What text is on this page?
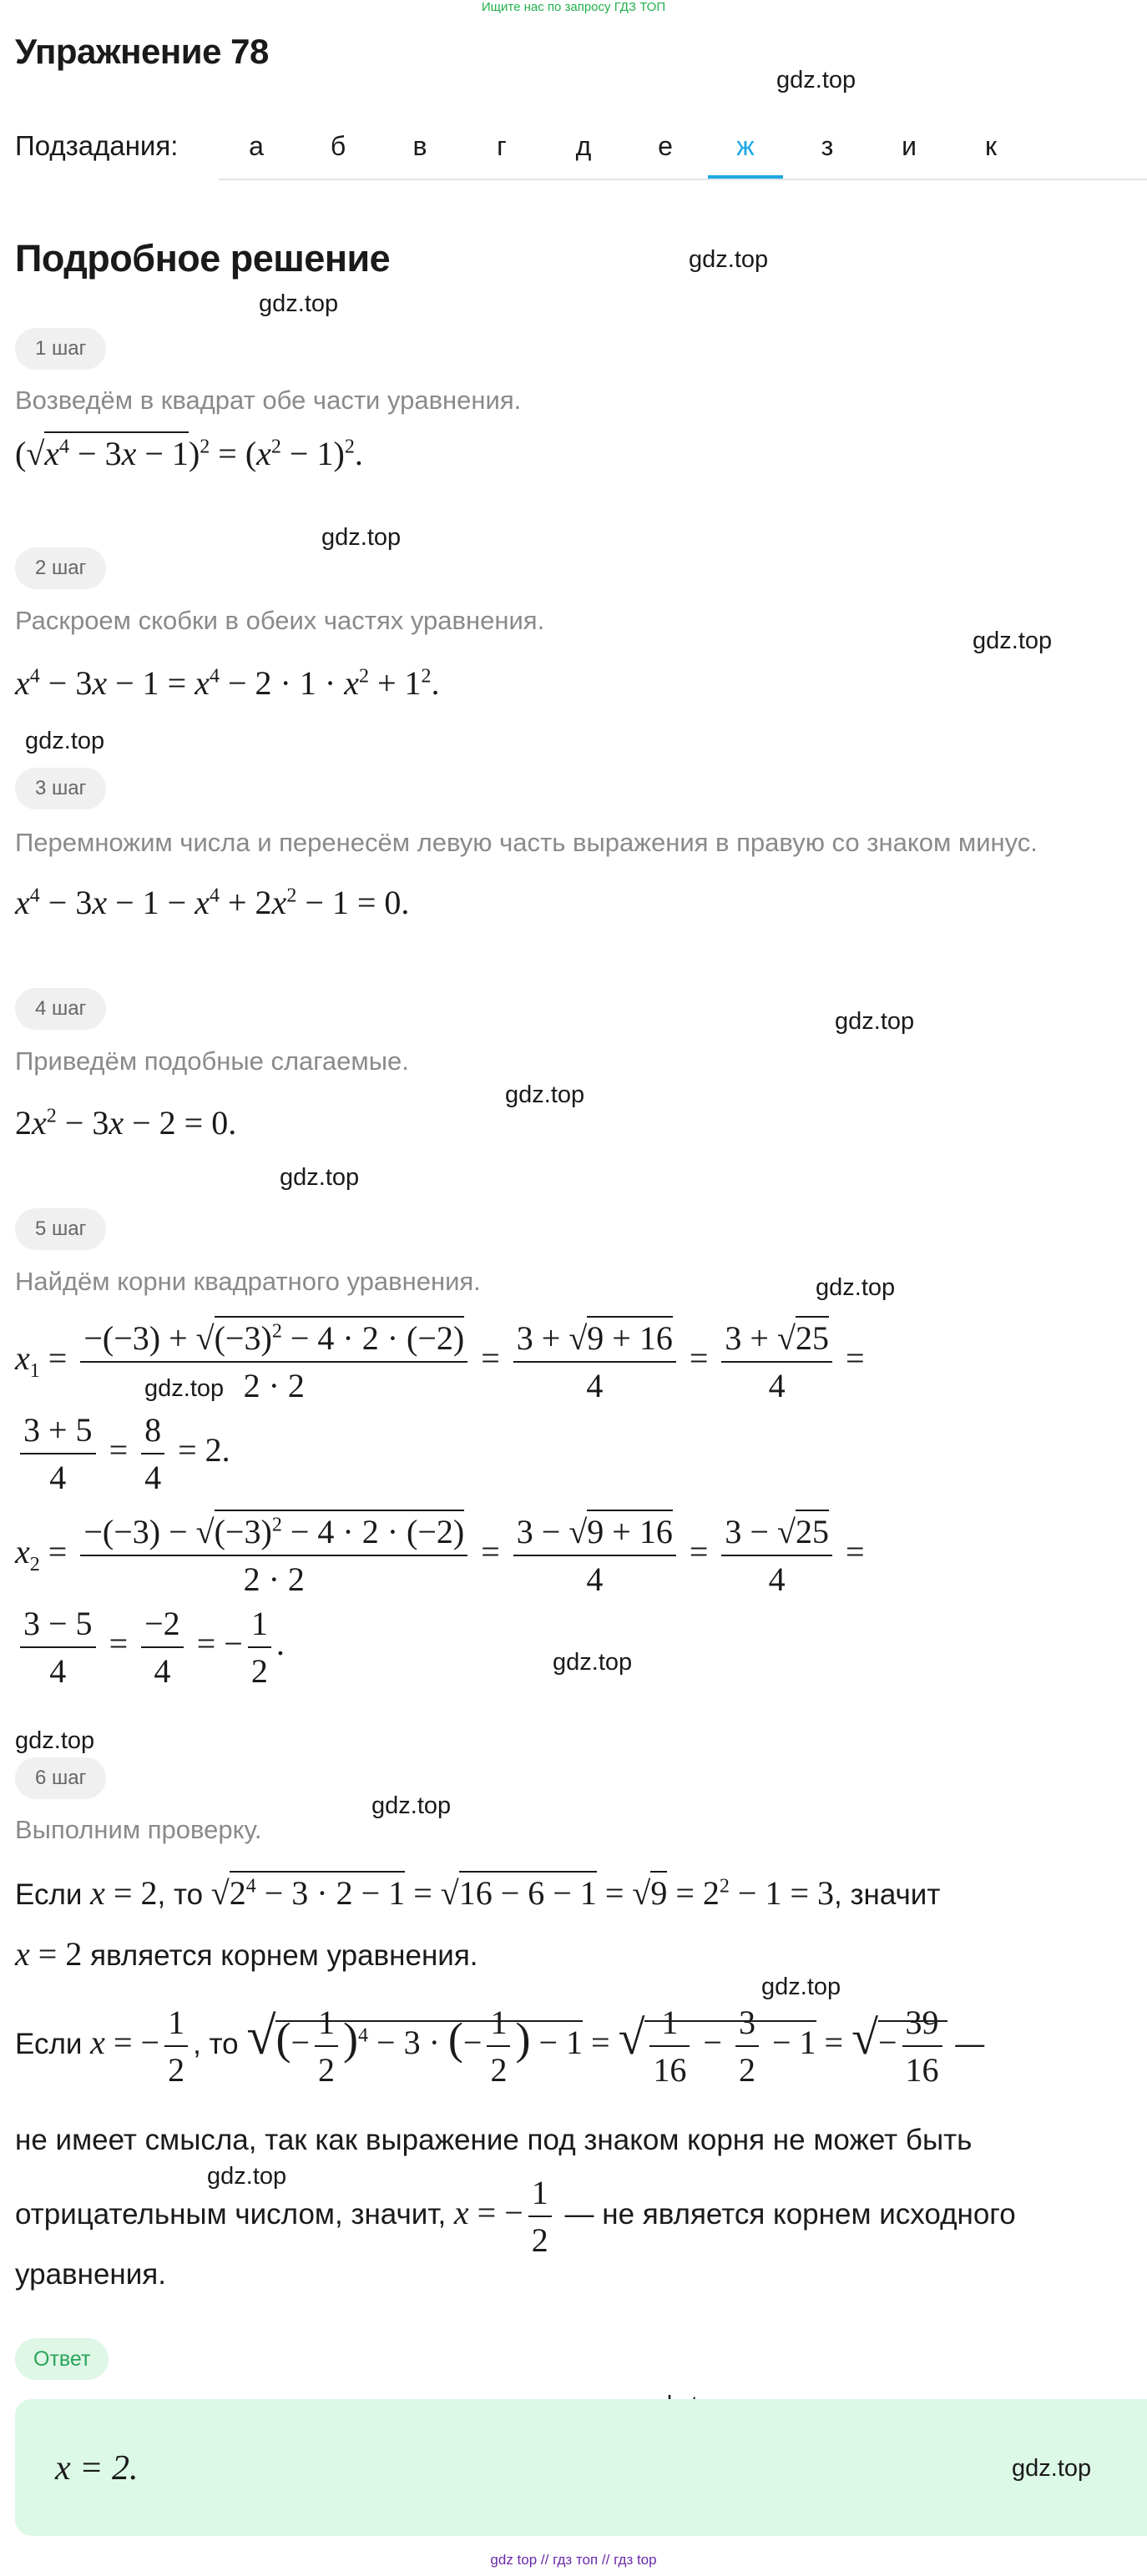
Ищите нас по запросу ГДЗ ТОП
Упражнение 78
gdz.top
gdz.top
gdz.top
gdz.top
gdz.top
gdz.top
gdz.top
gdz.top
gdz.top
gdz.top
gdz.top
gdz.top
gdz.top
gdz.top
gdz.top
gdz.top
gdz.top
Подзадания:	а	б	в	г	д	е	ж	з	и	к
Подробное решение
1 шаг
Возведём в квадрат обе части уравнения.
$(√x^4 - 3x - 1)^2 = (x^2 - 1)^2$.
2 шаг
Раскроем скобки в обеих частях уравнения.
$x^4 - 3x - 1 = x^4 - 2 \cdot 1 \cdot x^2 + 1^2$.
3 шаг
Перемножим числа и перенесём левую часть выражения в правую со знаком минус.
$x^4 - 3x - 1 - x^4 + 2x^2 - 1 = 0$.
4 шаг
Приведём подобные слагаемые.
$2x^2 - 3x - 2 = 0$.
5 шаг
Найдём корни квадратного уравнения.
$x_1 = \frac{-(-3) + √(-3)^2 - 4 \cdot 2 \cdot (-2)}{2 \cdot 2} = \frac{3 + √9 + 16}{4} = \frac{3 + √25}{4}$ =
$\frac{3 + 5}{4} = \frac{8}{4} = 2$.
$x_2 = \frac{-(-3) - √(-3)^2 - 4 \cdot 2 \cdot (-2)}{2 \cdot 2} = \frac{3 - √9 + 16}{4} = \frac{3 - √25}{4}$ =
$\frac{3 - 5}{4} = \frac{-2}{4}$ = − $\frac{1}{2}$ .
6 шаг
Выполним проверку.
Если x = 2, то $√2^4 - 3 \cdot 2 - 1 = √16 - 6 - 1 = √9 = 2^2 - 1 = 3$, значит
x = 2 является корнем уравнения.
Если x = − $\frac{1}{2}$ , то √(− $\frac{1}{2} )^4 - 3$ · (− $\frac{1}{2}$ ) − 1 = √ $\frac{1}{16} - \frac{3}{2} - 1$ = √− $\frac{39}{16}$ —
не имеет смысла, так как выражение под знаком корня не может быть
отрицательным числом, значит, x = − $\frac{1}{2}$ — не является корнем исходного
уравнения.
Ответ
x = 2.
gdz top // гдз топ // гдз top
